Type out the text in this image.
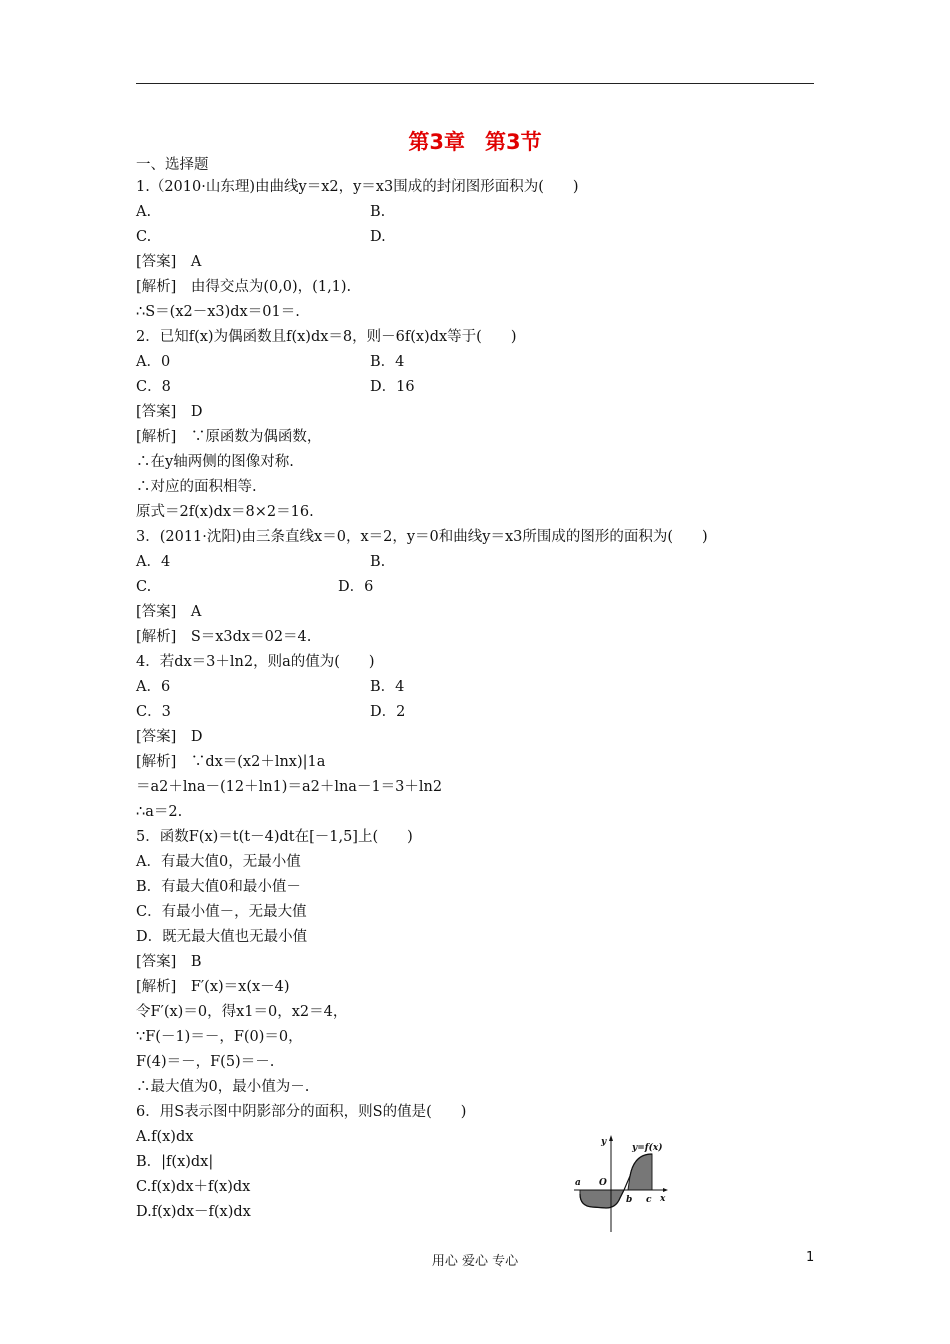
第3章 第3节
一、选择题
1.（2010·山东理)由曲线y＝x2，y＝x3围成的封闭图形面积为(　　)
A.	B.
C.	D.
[答案]　A
[解析]　由得交点为(0,0)，(1,1).
∴S＝(x2－x3)dx＝01＝.
2．已知f(x)为偶函数且f(x)dx＝8，则－6f(x)dx等于(　　)
A．0	B．4
C．8	D．16
[答案]　D
[解析]　∵原函数为偶函数，
∴在y轴两侧的图像对称.
∴对应的面积相等.
原式＝2f(x)dx＝8×2＝16.
3．(2011·沈阳)由三条直线x＝0，x＝2，y＝0和曲线y＝x3所围成的图形的面积为(　　)
A．4	B.
C.	D．6
[答案]　A
[解析]　S＝x3dx＝02＝4.
4．若dx＝3＋ln2，则a的值为(　　)
A．6	B．4
C．3	D．2
[答案]　D
[解析]　∵dx＝(x2＋lnx)|1a
＝a2＋lna－(12＋ln1)＝a2＋lna－1＝3＋ln2
∴a＝2.
5．函数F(x)＝t(t－4)dt在[－1,5]上(　　)
A．有最大值0，无最小值
B．有最大值0和最小值－
C．有最小值－，无最大值
D．既无最大值也无最小值
[答案]　B
[解析]　F′(x)＝x(x－4)
令F′(x)＝0，得x1＝0，x2＝4，
∵F(－1)＝－，F(0)＝0，
F(4)＝－，F(5)＝－.
∴最大值为0，最小值为－.
6．用S表示图中阴影部分的面积，则S的值是(　　)
A.f(x)dx
B．|f(x)dx|
C.f(x)dx＋f(x)dx
D.f(x)dx－f(x)dx
y
y=f(x)
a O
b c x
用心 爱心 专心	1
